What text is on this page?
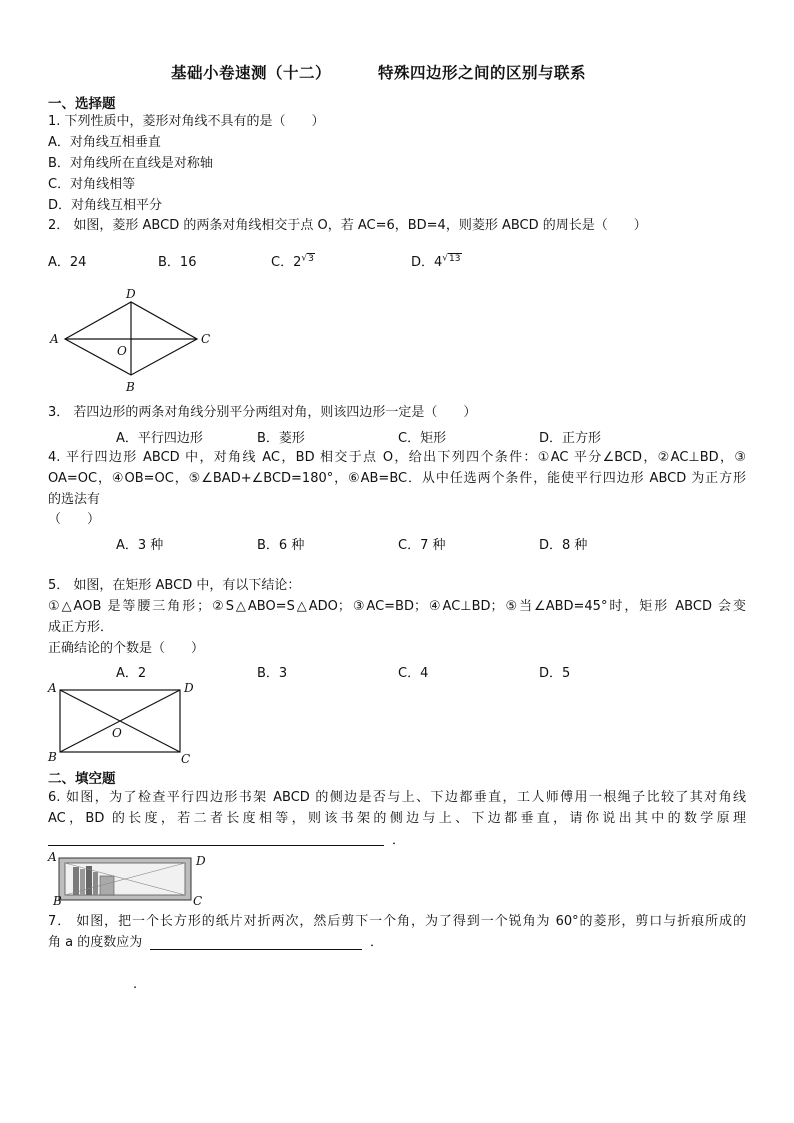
基础小卷速测（十二）	特殊四边形之间的区别与联系
一、选择题
1. 下列性质中，菱形对角线不具有的是（　　）
A．对角线互相垂直
B．对角线所在直线是对称轴
C．对角线相等
D．对角线互相平分
2． 如图，菱形 ABCD 的两条对角线相交于点 O，若 AC=6，BD=4，则菱形 ABCD 的周长是（　　）
A．24	B．16	C．$2^{√3}$	D．$4^{√13}$
A
D
C
B
O
3． 若四边形的两条对角线分别平分两组对角，则该四边形一定是（　　）
A．平行四边形	B．菱形	C．矩形	D．正方形
4. 平行四边形 ABCD 中，对角线 AC，BD 相交于点 O，给出下列四个条件：①AC 平分∠BCD，②AC⊥BD，③
OA=OC，④OB=OC，⑤∠BAD+∠BCD=180°，⑥AB=BC．从中任选两个条件，能使平行四边形 ABCD 为正方形
的选法有
（　　）
A．3 种	B．6 种	C．7 种	D．8 种
5． 如图，在矩形 ABCD 中，有以下结论：
①△AOB 是等腰三角形；②S△ABO=S△ADO；③AC=BD；④AC⊥BD；⑤当∠ABD=45°时，矩形 ABCD 会变
成正方形．
正确结论的个数是（　　）
A．2	B．3	C．4	D．5
A	D
B	C
O
二、填空题
6. 如图，为了检查平行四边形书架 ABCD 的侧边是否与上、下边都垂直，工人师傅用一根绳子比较了其对角线
AC，BD 的长度，若二者长度相等，则该书架的侧边与上、下边都垂直，请你说出其中的数学原理
．
A	D
B	C
7． 如图，把一个长方形的纸片对折两次，然后剪下一个角，为了得到一个锐角为 60°的菱形，剪口与折痕所成的
角 a 的度数应为	．
.
